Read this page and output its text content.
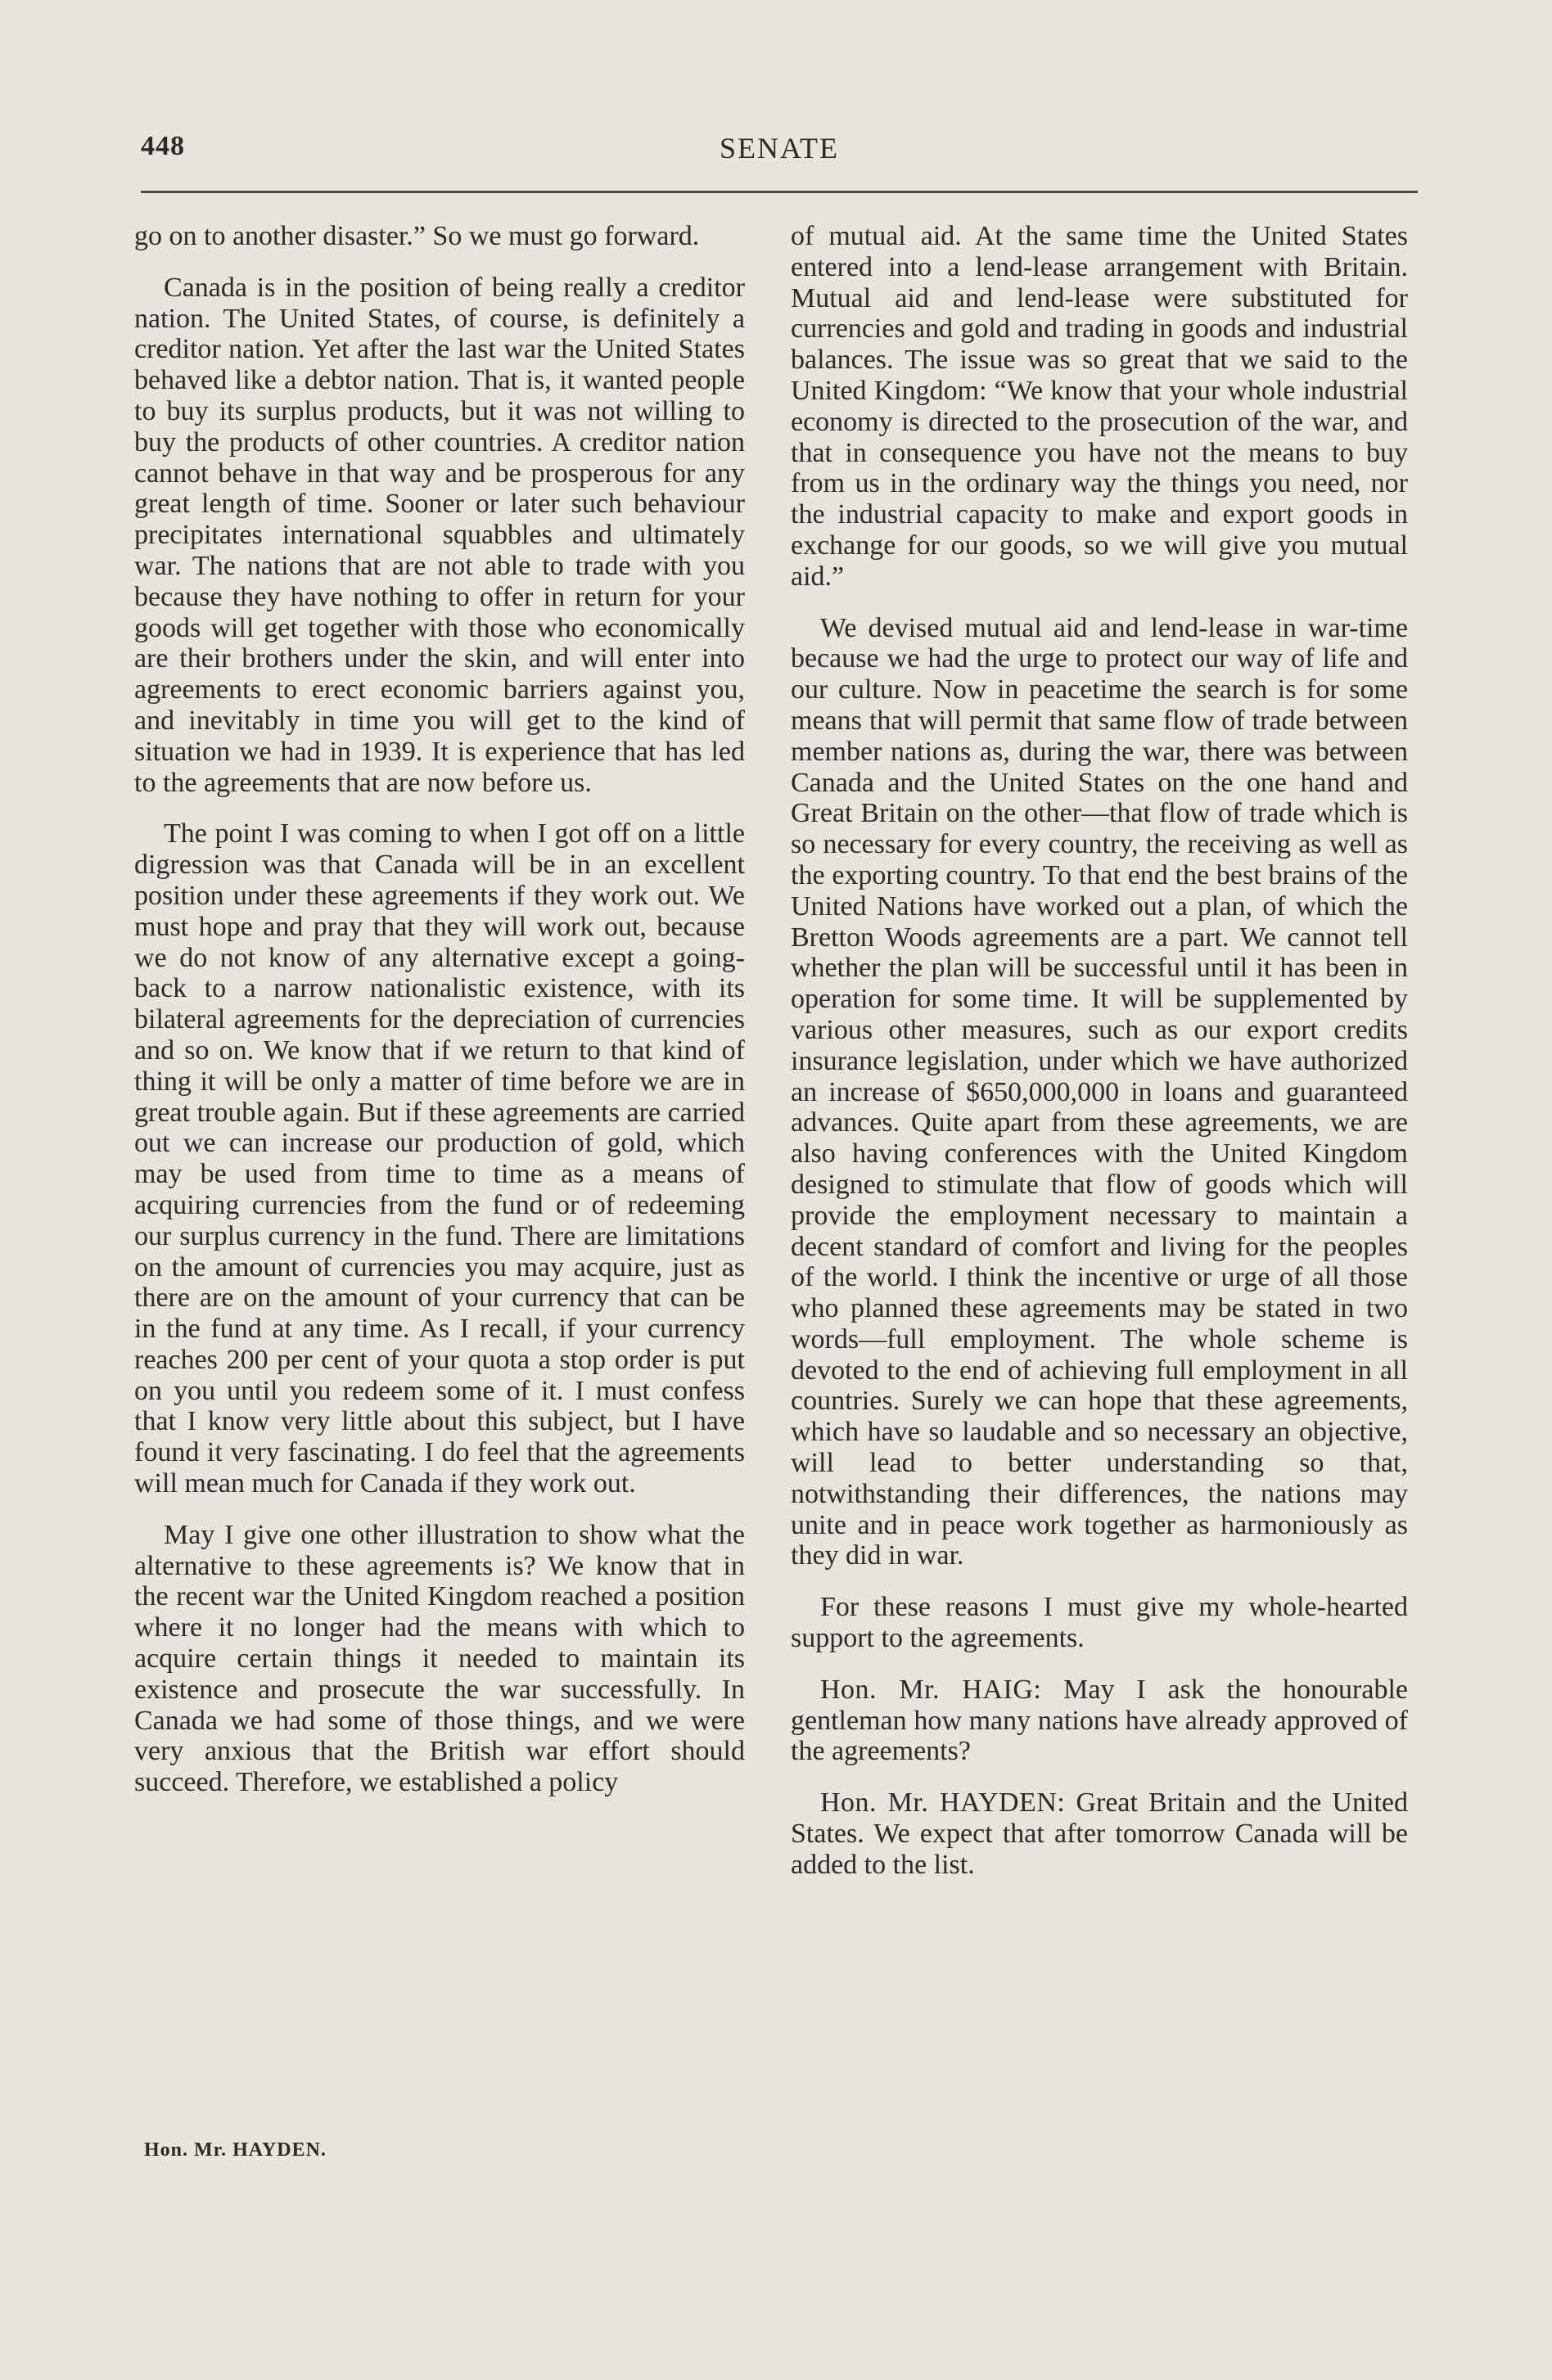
448	SENATE

go on to another disaster.” So we must go forward.

Canada is in the position of being really a creditor nation. The United States, of course, is definitely a creditor nation. Yet after the last war the United States behaved like a debtor nation. That is, it wanted people to buy its surplus products, but it was not willing to buy the products of other countries. A creditor nation cannot behave in that way and be prosperous for any great length of time. Sooner or later such behaviour precipitates international squabbles and ultimately war. The nations that are not able to trade with you because they have nothing to offer in return for your goods will get together with those who economically are their brothers under the skin, and will enter into agreements to erect economic barriers against you, and inevitably in time you will get to the kind of situation we had in 1939. It is experience that has led to the agreements that are now before us.

The point I was coming to when I got off on a little digression was that Canada will be in an excellent position under these agreements if they work out. We must hope and pray that they will work out, because we do not know of any alternative except a going-back to a narrow nationalistic existence, with its bilateral agreements for the depreciation of currencies and so on. We know that if we return to that kind of thing it will be only a matter of time before we are in great trouble again. But if these agreements are carried out we can increase our production of gold, which may be used from time to time as a means of acquiring currencies from the fund or of redeeming our surplus currency in the fund. There are limitations on the amount of currencies you may acquire, just as there are on the amount of your currency that can be in the fund at any time. As I recall, if your currency reaches 200 per cent of your quota a stop order is put on you until you redeem some of it. I must confess that I know very little about this subject, but I have found it very fascinating. I do feel that the agreements will mean much for Canada if they work out.

May I give one other illustration to show what the alternative to these agreements is? We know that in the recent war the United Kingdom reached a position where it no longer had the means with which to acquire certain things it needed to maintain its existence and prosecute the war successfully. In Canada we had some of those things, and we were very anxious that the British war effort should succeed. Therefore, we established a policy

of mutual aid. At the same time the United States entered into a lend-lease arrangement with Britain. Mutual aid and lend-lease were substituted for currencies and gold and trading in goods and industrial balances. The issue was so great that we said to the United Kingdom: “We know that your whole industrial economy is directed to the prosecution of the war, and that in consequence you have not the means to buy from us in the ordinary way the things you need, nor the industrial capacity to make and export goods in exchange for our goods, so we will give you mutual aid.”

We devised mutual aid and lend-lease in war-time because we had the urge to protect our way of life and our culture. Now in peacetime the search is for some means that will permit that same flow of trade between member nations as, during the war, there was between Canada and the United States on the one hand and Great Britain on the other—that flow of trade which is so necessary for every country, the receiving as well as the exporting country. To that end the best brains of the United Nations have worked out a plan, of which the Bretton Woods agreements are a part. We cannot tell whether the plan will be successful until it has been in operation for some time. It will be supplemented by various other measures, such as our export credits insurance legislation, under which we have authorized an increase of $650,000,000 in loans and guaranteed advances. Quite apart from these agreements, we are also having conferences with the United Kingdom designed to stimulate that flow of goods which will provide the employment necessary to maintain a decent standard of comfort and living for the peoples of the world. I think the incentive or urge of all those who planned these agreements may be stated in two words—full employment. The whole scheme is devoted to the end of achieving full employment in all countries. Surely we can hope that these agreements, which have so laudable and so necessary an objective, will lead to better understanding so that, notwithstanding their differences, the nations may unite and in peace work together as harmoniously as they did in war.

For these reasons I must give my whole-hearted support to the agreements.

Hon. Mr. HAIG: May I ask the honourable gentleman how many nations have already approved of the agreements?

Hon. Mr. HAYDEN: Great Britain and the United States. We expect that after tomorrow Canada will be added to the list.

Hon. Mr. HAYDEN.
